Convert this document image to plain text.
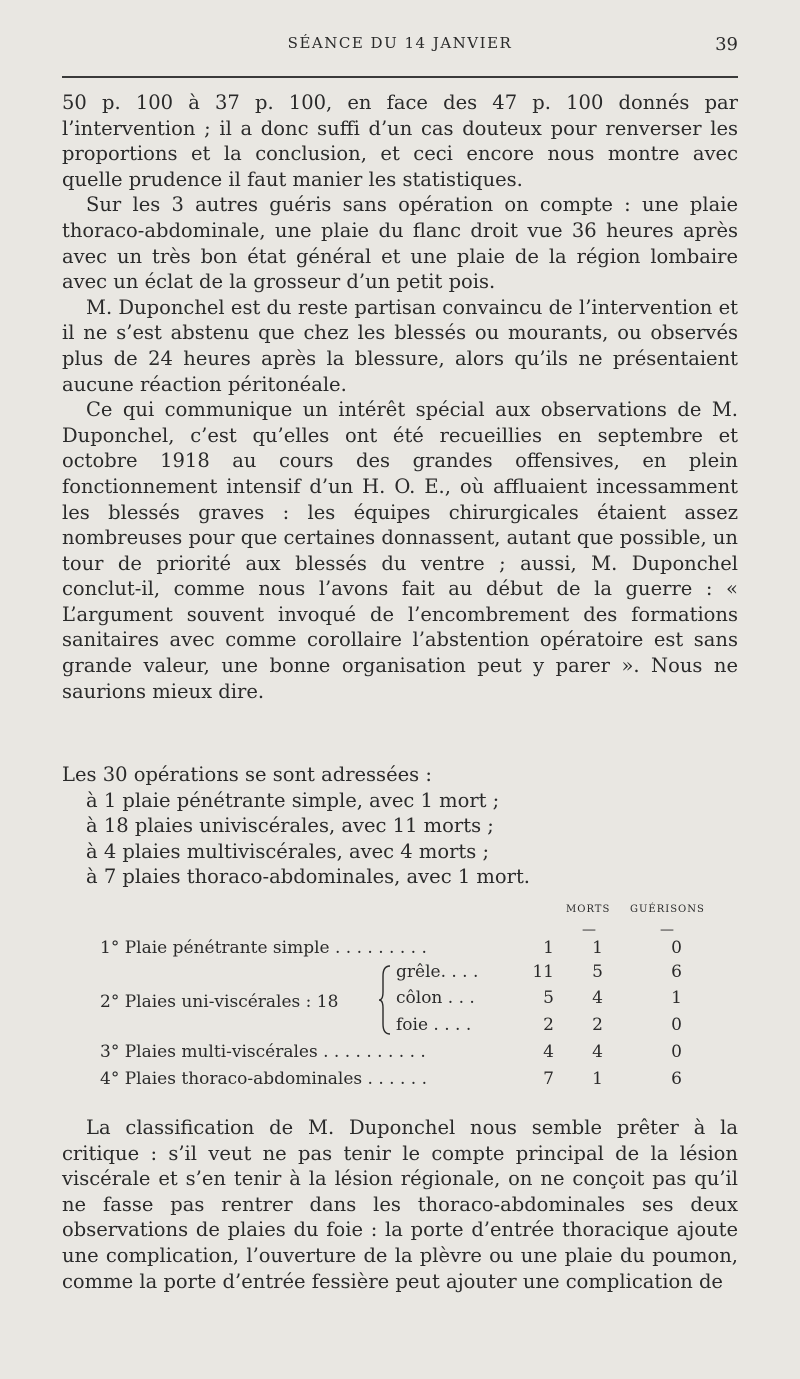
SÉANCE DU 14 JANVIER	39

50 p. 100 à 37 p. 100, en face des 47 p. 100 donnés par l’intervention ; il a donc suffi d’un cas douteux pour renverser les proportions et la conclusion, et ceci encore nous montre avec quelle prudence il faut manier les statistiques.

Sur les 3 autres guéris sans opération on compte : une plaie thoraco-abdominale, une plaie du flanc droit vue 36 heures après avec un très bon état général et une plaie de la région lombaire avec un éclat de la grosseur d’un petit pois.

M. Duponchel est du reste partisan convaincu de l’intervention et il ne s’est abstenu que chez les blessés ou mourants, ou observés plus de 24 heures après la blessure, alors qu’ils ne présentaient aucune réaction péritonéale.

Ce qui communique un intérêt spécial aux observations de M. Duponchel, c’est qu’elles ont été recueillies en septembre et octobre 1918 au cours des grandes offensives, en plein fonctionnement intensif d’un H. O. E., où affluaient incessamment les blessés graves : les équipes chirurgicales étaient assez nombreuses pour que certaines donnassent, autant que possible, un tour de priorité aux blessés du ventre ; aussi, M. Duponchel conclut-il, comme nous l’avons fait au début de la guerre : « L’argument souvent invoqué de l’encombrement des formations sanitaires avec comme corollaire l’abstention opératoire est sans grande valeur, une bonne organisation peut y parer ». Nous ne saurions mieux dire.

Les 30 opérations se sont adressées :
à 1 plaie pénétrante simple, avec 1 mort ;
à 18 plaies univiscérales, avec 11 morts ;
à 4 plaies multiviscérales, avec 4 morts ;
à 7 plaies thoraco-abdominales, avec 1 mort.
MORTS GUÉRISONS
—	—
1° Plaie pénétrante simple . . . . . . . . .	1 1	0
2° Plaies uni-viscérales : 18
grêle. . . .	11 5	6
côlon . . .	5 4	1
foie . . . .	2 2	0
3° Plaies multi-viscérales . . . . . . . . . .	4 4	0
4° Plaies thoraco-abdominales . . . . . .	7 1	6

La classification de M. Duponchel nous semble prêter à la critique : s’il veut ne pas tenir le compte principal de la lésion viscérale et s’en tenir à la lésion régionale, on ne conçoit pas qu’il ne fasse pas rentrer dans les thoraco-abdominales ses deux observations de plaies du foie : la porte d’entrée thoracique ajoute une complication, l’ouverture de la plèvre ou une plaie du poumon, comme la porte d’entrée fessière peut ajouter une complication de
